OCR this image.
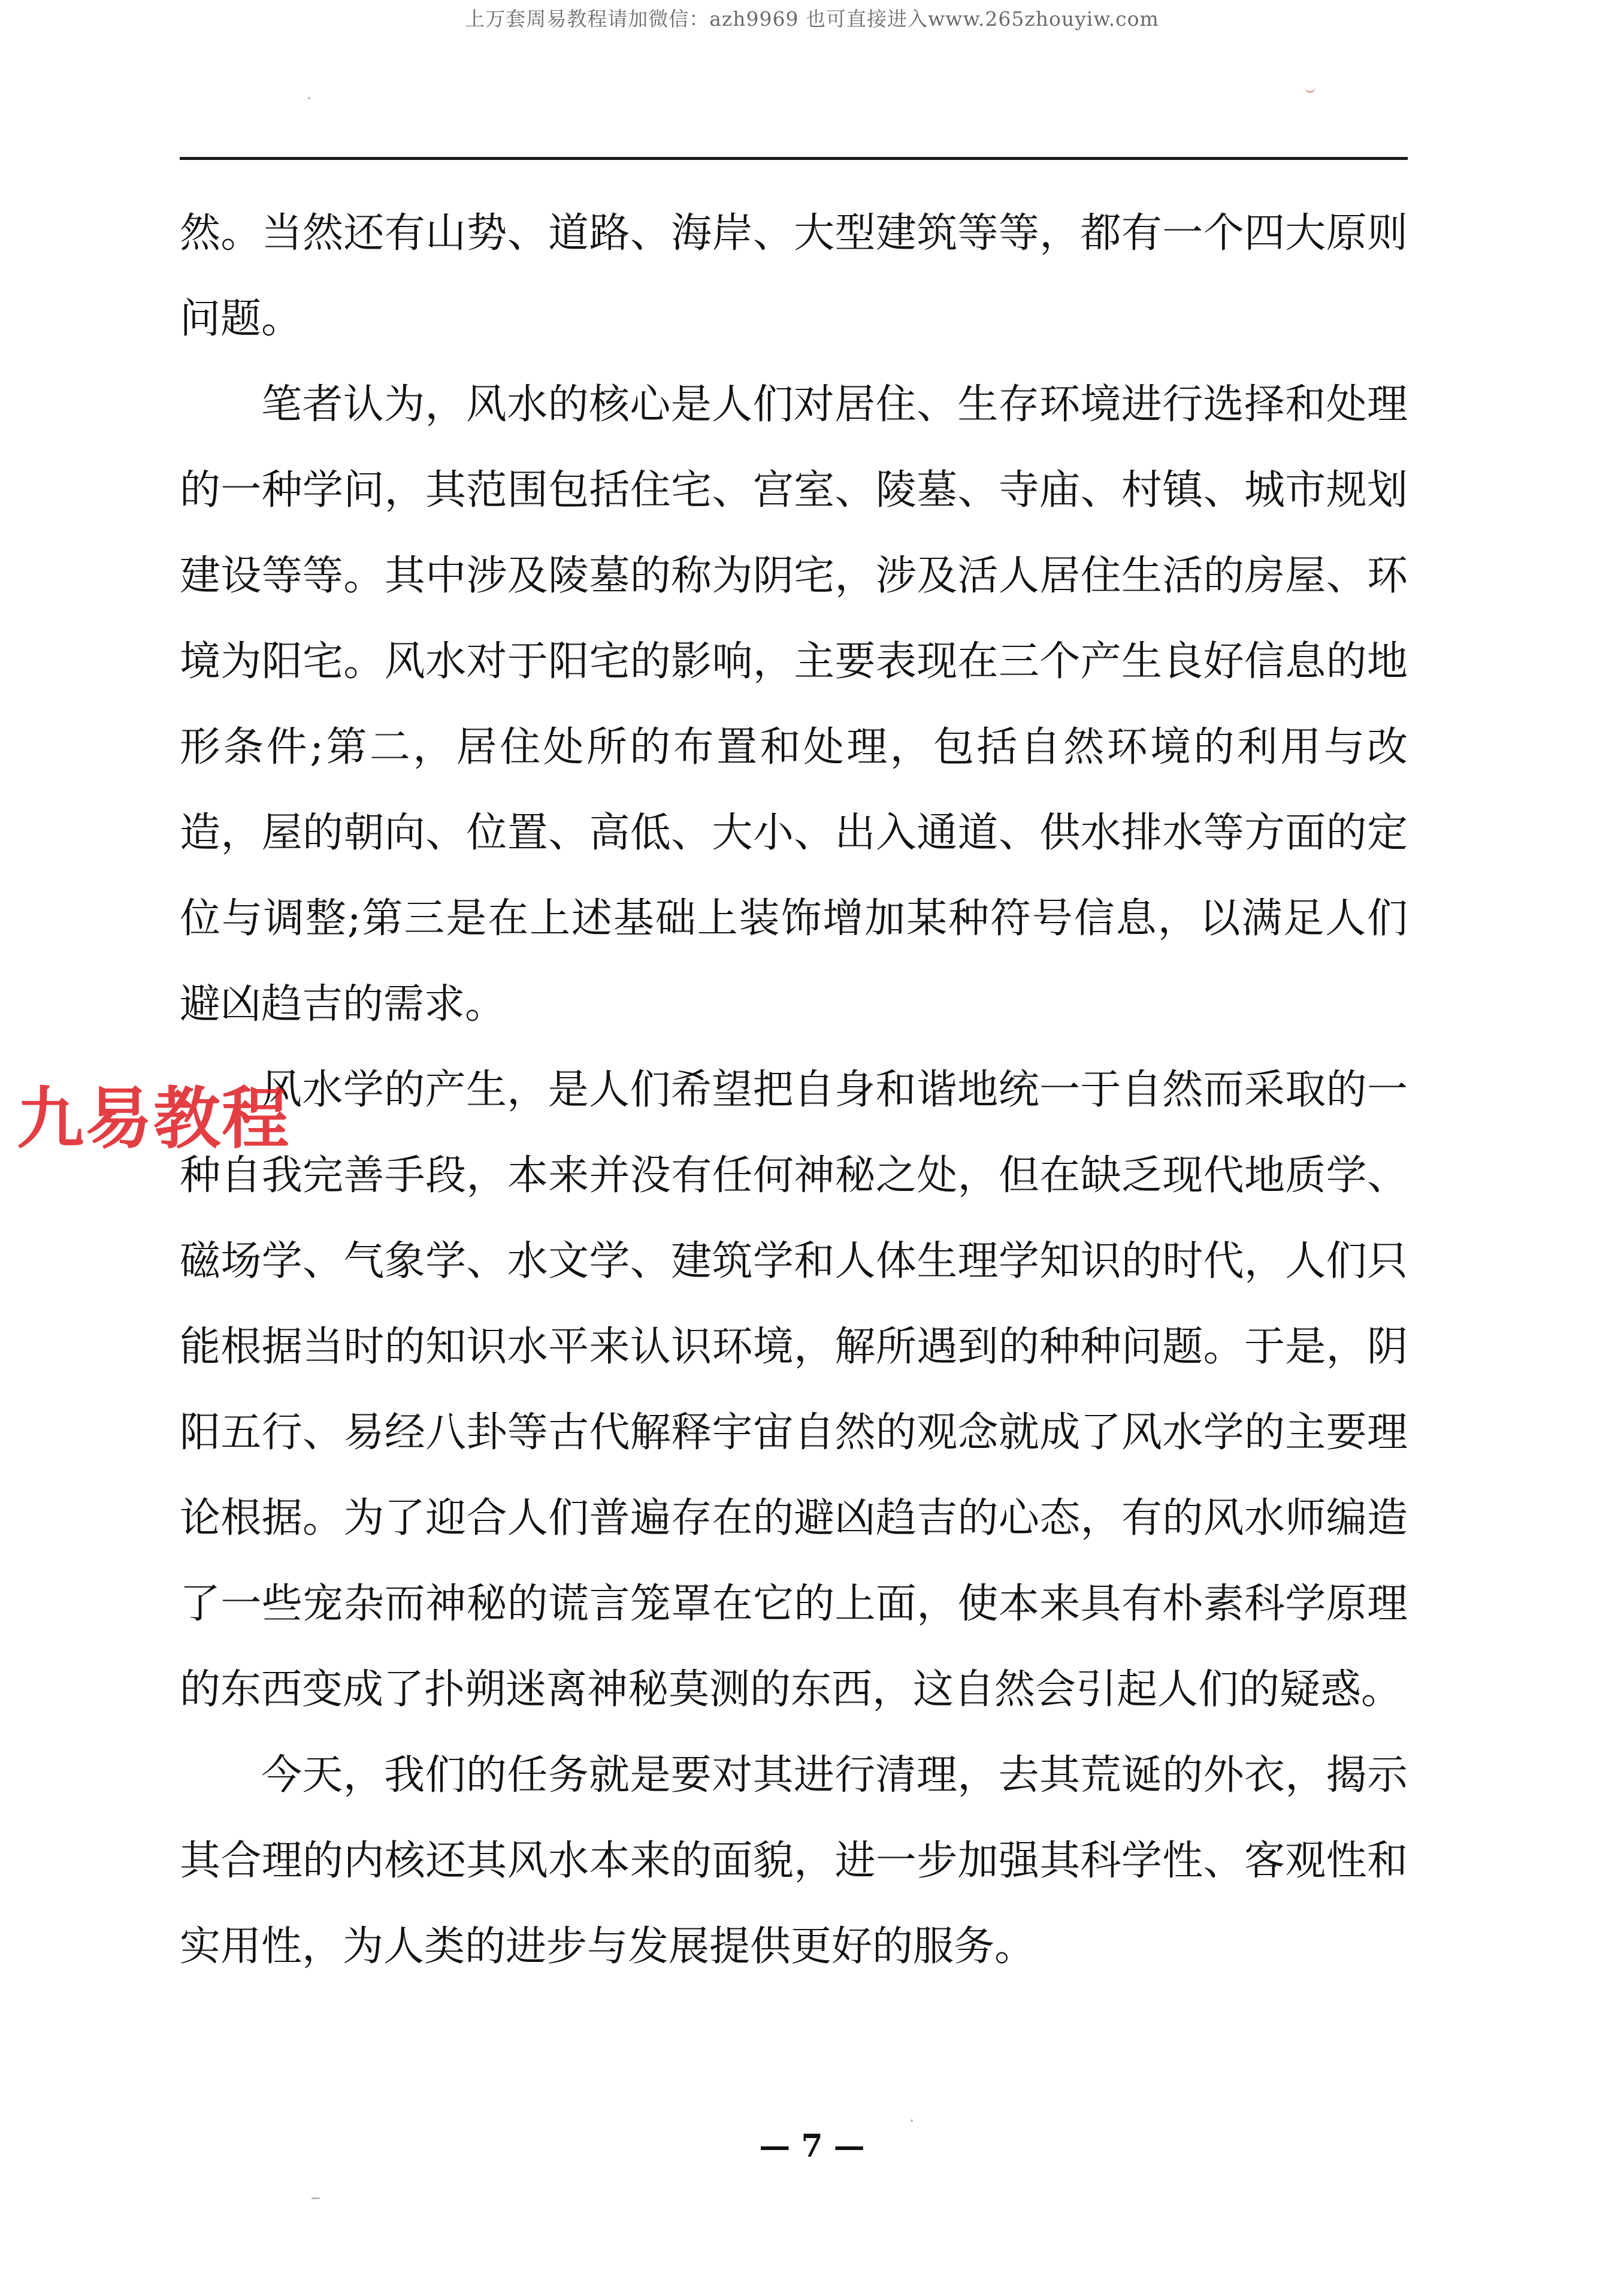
上万套周易教程请加微信：azh9969 也可直接进入www.265zhouyiw.com

然。当然还有山势、道路、海岸、大型建筑等等，都有一个四大原则问题。

笔者认为，风水的核心是人们对居住、生存环境进行选择和处理的一种学问，其范围包括住宅、宫室、陵墓、寺庙、村镇、城市规划建设等等。其中涉及陵墓的称为阴宅，涉及活人居住生活的房屋、环境为阳宅。风水对于阳宅的影响，主要表现在三个产生良好信息的地形条件;第二，居住处所的布置和处理，包括自然环境的利用与改造，屋的朝向、位置、高低、大小、出入通道、供水排水等方面的定位与调整;第三是在上述基础上装饰增加某种符号信息，以满足人们避凶趋吉的需求。

风水学的产生，是人们希望把自身和谐地统一于自然而采取的一种自我完善手段，本来并没有任何神秘之处，但在缺乏现代地质学、磁场学、气象学、水文学、建筑学和人体生理学知识的时代，人们只能根据当时的知识水平来认识环境，解所遇到的种种问题。于是，阴阳五行、易经八卦等古代解释宇宙自然的观念就成了风水学的主要理论根据。为了迎合人们普遍存在的避凶趋吉的心态，有的风水师编造了一些宠杂而神秘的谎言笼罩在它的上面，使本来具有朴素科学原理的东西变成了扑朔迷离神秘莫测的东西，这自然会引起人们的疑惑。

今天，我们的任务就是要对其进行清理，去其荒诞的外衣，揭示其合理的内核还其风水本来的面貌，进一步加强其科学性、客观性和实用性，为人类的进步与发展提供更好的服务。

九易教程
— 7 —
